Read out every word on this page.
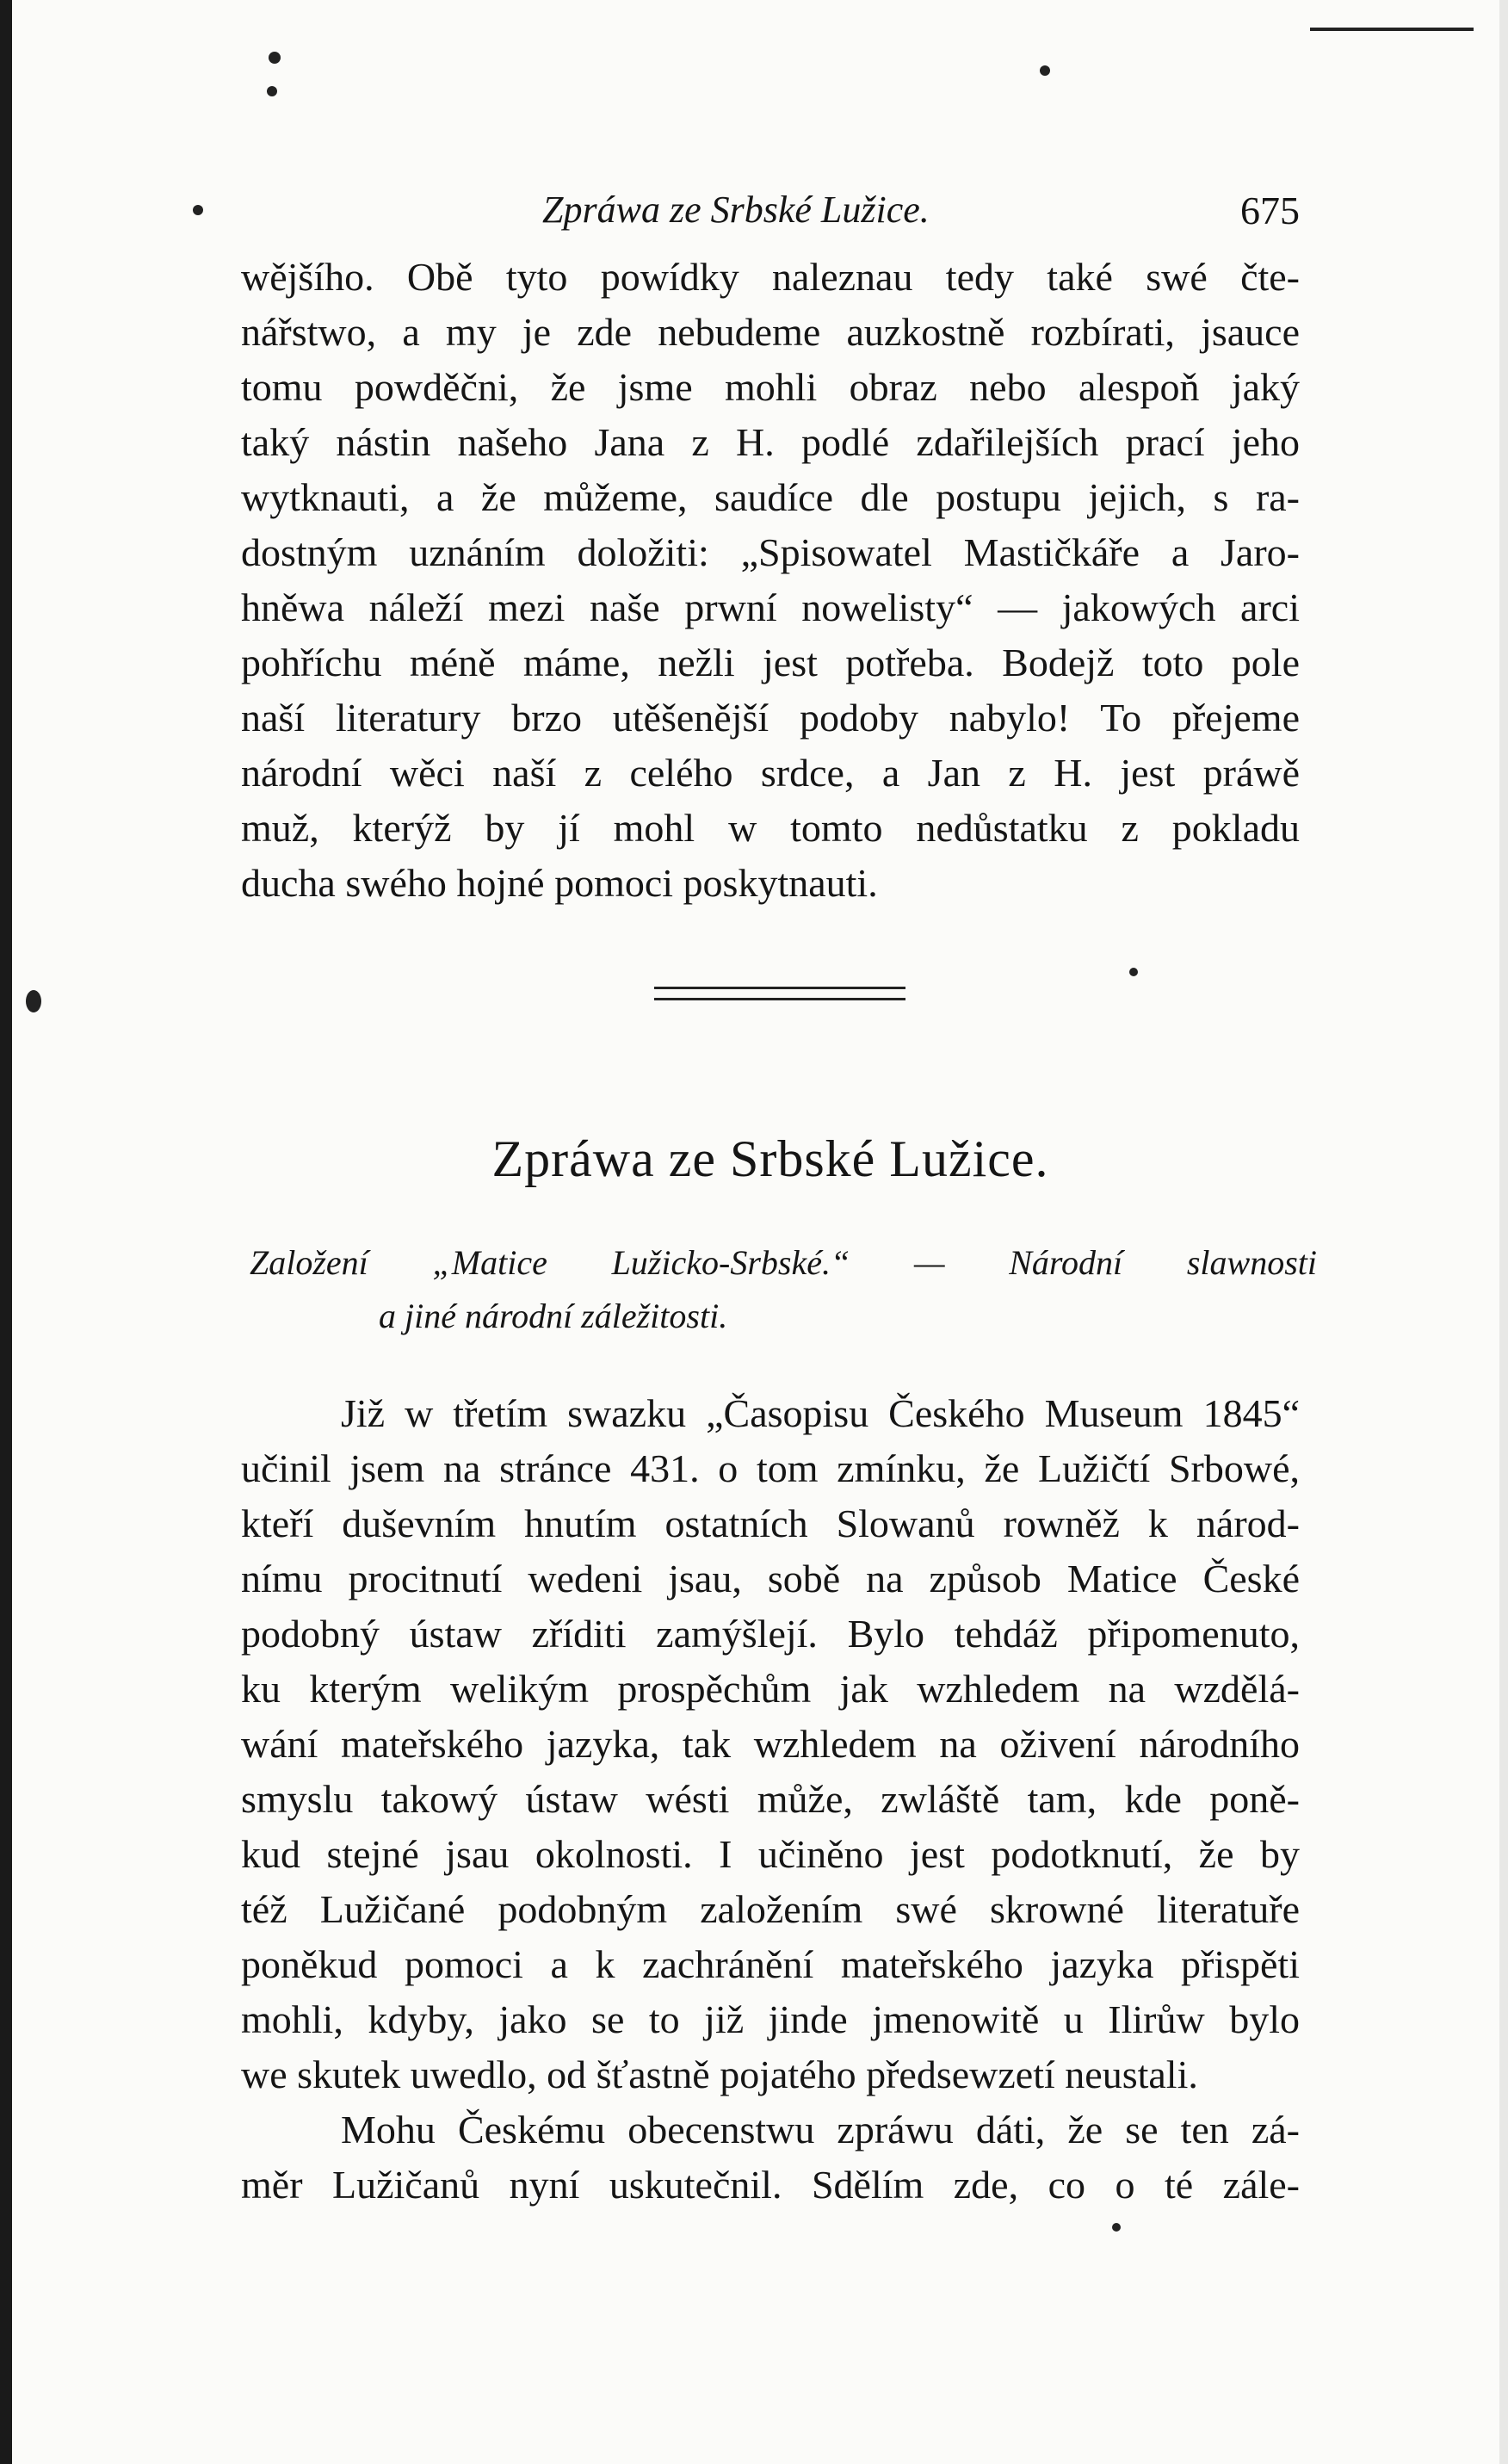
Zpráwa ze Srbské Lužice.	675
wějšího. Obě tyto powídky naleznau tedy také swé čte-
nářstwo, a my je zde nebudeme auzkostně rozbírati, jsauce
tomu powděčni, že jsme mohli obraz nebo alespoň jaký
taký nástin našeho Jana z H. podlé zdařilejších prací jeho
wytknauti, a že můžeme, saudíce dle postupu jejich, s ra-
dostným uznáním doložiti: „Spisowatel Mastičkáře a Jaro-
hněwa náleží mezi naše prwní nowelisty“ — jakowých arci
pohříchu méně máme, nežli jest potřeba. Bodejž toto pole
naší literatury brzo utěšenější podoby nabylo! To přejeme
národní wěci naší z celého srdce, a Jan z H. jest práwě
muž, kterýž by jí mohl w tomto nedůstatku z pokladu
ducha swého hojné pomoci poskytnauti.
Zpráwa ze Srbské Lužice.
Založení „Matice Lužicko-Srbské.“ — Národní slawnosti
a jiné národní záležitosti.
Již w třetím swazku „Časopisu Českého Museum 1845“
učinil jsem na stránce 431. o tom zmínku, že Lužičtí Srbowé,
kteří duševním hnutím ostatních Slowanů rowněž k národ-
nímu procitnutí wedeni jsau, sobě na způsob Matice České
podobný ústaw zříditi zamýšlejí. Bylo tehdáž připomenuto,
ku kterým welikým prospěchům jak wzhledem na wzdělá-
wání mateřského jazyka, tak wzhledem na oživení národního
smyslu takowý ústaw wésti může, zwláště tam, kde poně-
kud stejné jsau okolnosti. I učiněno jest podotknutí, že by
též Lužičané podobným založením swé skrowné literatuře
poněkud pomoci a k zachránění mateřského jazyka přispěti
mohli, kdyby, jako se to již jinde jmenowitě u Ilirůw bylo
we skutek uwedlo, od šťastně pojatého předsewzetí neustali.
Mohu Českému obecenstwu zpráwu dáti, že se ten zá-
měr Lužičanů nyní uskutečnil. Sdělím zde, co o té zále-
